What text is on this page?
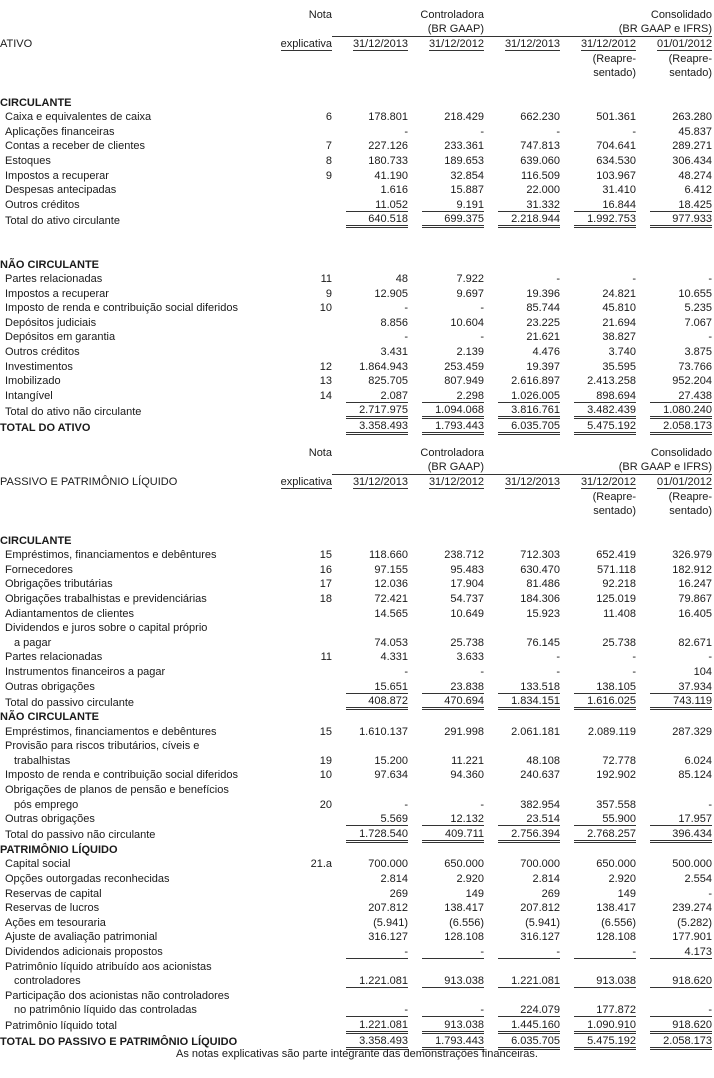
	Nota	Controladora		Consolidado		

		(BR GAAP)		(BR GAAP e IFRS)		

ATIVO	explicativa	31/12/2013	31/12/2012	31/12/2013	31/12/2012	01/01/2012
					(Reapre-	(Reapre-
					sentado)	sentado)

CIRCULANTE						
Caixa e equivalentes de caixa	6	178.801	218.429	662.230	501.361	263.280
Aplicações financeiras		-	-	-	-	45.837
Contas a receber de clientes	7	227.126	233.361	747.813	704.641	289.271
Estoques	8	180.733	189.653	639.060	634.530	306.434
Impostos a recuperar	9	41.190	32.854	116.509	103.967	48.274
Despesas antecipadas		1.616	15.887	22.000	31.410	6.412
Outros créditos		11.052	9.191	31.332	16.844	18.425
Total do ativo circulante		640.518	699.375	2.218.944	1.992.753	977.933

NÃO CIRCULANTE						
Partes relacionadas	11	48	7.922	-	-	-
Impostos a recuperar	9	12.905	9.697	19.396	24.821	10.655
Imposto de renda e contribuição social diferidos	10	-	-	85.744	45.810	5.235
Depósitos judiciais		8.856	10.604	23.225	21.694	7.067
Depósitos em garantia		-	-	21.621	38.827	-
Outros créditos		3.431	2.139	4.476	3.740	3.875
Investimentos	12	1.864.943	253.459	19.397	35.595	73.766
Imobilizado	13	825.705	807.949	2.616.897	2.413.258	952.204
Intangível	14	2.087	2.298	1.026.005	898.694	27.438
Total do ativo não circulante		2.717.975	1.094.068	3.816.761	3.482.439	1.080.240
TOTAL DO ATIVO		3.358.493	1.793.443	6.035.705	5.475.192	2.058.173
	Nota	Controladora		Consolidado		

		(BR GAAP)		(BR GAAP e IFRS)		

PASSIVO E PATRIMÔNIO LÍQUIDO	explicativa	31/12/2013	31/12/2012	31/12/2013	31/12/2012	01/01/2012
					(Reapre-	(Reapre-
					sentado)	sentado)

CIRCULANTE						
Empréstimos, financiamentos e debêntures	15	118.660	238.712	712.303	652.419	326.979
Fornecedores	16	97.155	95.483	630.470	571.118	182.912
Obrigações tributárias	17	12.036	17.904	81.486	92.218	16.247
Obrigações trabalhistas e previdenciárias	18	72.421	54.737	184.306	125.019	79.867
Adiantamentos de clientes		14.565	10.649	15.923	11.408	16.405
Dividendos e juros sobre o capital próprio						
a pagar		74.053	25.738	76.145	25.738	82.671
Partes relacionadas	11	4.331	3.633	-	-	-
Instrumentos financeiros a pagar		-	-	-	-	104
Outras obrigações		15.651	23.838	133.518	138.105	37.934
Total do passivo circulante		408.872	470.694	1.834.151	1.616.025	743.119
NÃO CIRCULANTE						
Empréstimos, financiamentos e debêntures	15	1.610.137	291.998	2.061.181	2.089.119	287.329
Provisão para riscos tributários, cíveis e						
trabalhistas	19	15.200	11.221	48.108	72.778	6.024
Imposto de renda e contribuição social diferidos	10	97.634	94.360	240.637	192.902	85.124
Obrigações de planos de pensão e benefícios						
pós emprego	20	-	-	382.954	357.558	-
Outras obrigações		5.569	12.132	23.514	55.900	17.957
Total do passivo não circulante		1.728.540	409.711	2.756.394	2.768.257	396.434
PATRIMÔNIO LÍQUIDO						
Capital social	21.a	700.000	650.000	700.000	650.000	500.000
Opções outorgadas reconhecidas		2.814	2.920	2.814	2.920	2.554
Reservas de capital		269	149	269	149	-
Reservas de lucros		207.812	138.417	207.812	138.417	239.274
Ações em tesouraria		(5.941)	(6.556)	(5.941)	(6.556)	(5.282)
Ajuste de avaliação patrimonial		316.127	128.108	316.127	128.108	177.901
Dividendos adicionais propostos		-	-	-	-	4.173
Patrimônio líquido atribuído aos acionistas						
controladores		1.221.081	913.038	1.221.081	913.038	918.620
Participação dos acionistas não controladores						
no patrimônio líquido das controladas		-	-	224.079	177.872	-
Patrimônio líquido total		1.221.081	913.038	1.445.160	1.090.910	918.620
TOTAL DO PASSIVO E PATRIMÔNIO LÍQUIDO		3.358.493	1.793.443	6.035.705	5.475.192	2.058.173
As notas explicativas são parte integrante das demonstrações financeiras.
